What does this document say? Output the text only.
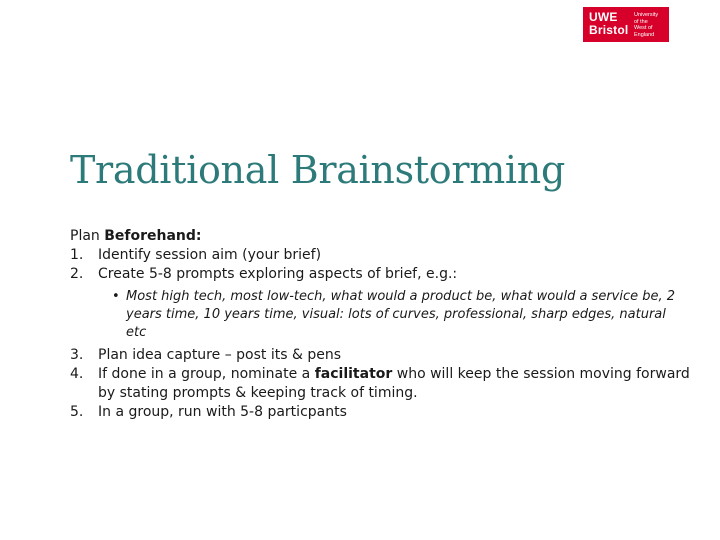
UWE
Bristol
University
of the
West of
England
Traditional Brainstorming
Plan Beforehand:
1.	Identify session aim (your brief)
2.	Create 5-8 prompts exploring aspects of brief, e.g.:
• Most high tech, most low-tech, what would a product be, what would a service be, 2 years time, 10 years time, visual: lots of curves, professional, sharp edges, natural etc
3.	Plan idea capture – post its & pens
4.	If done in a group, nominate a facilitator who will keep the session moving forward by stating prompts & keeping track of timing.
5.	In a group, run with 5-8 particpants
